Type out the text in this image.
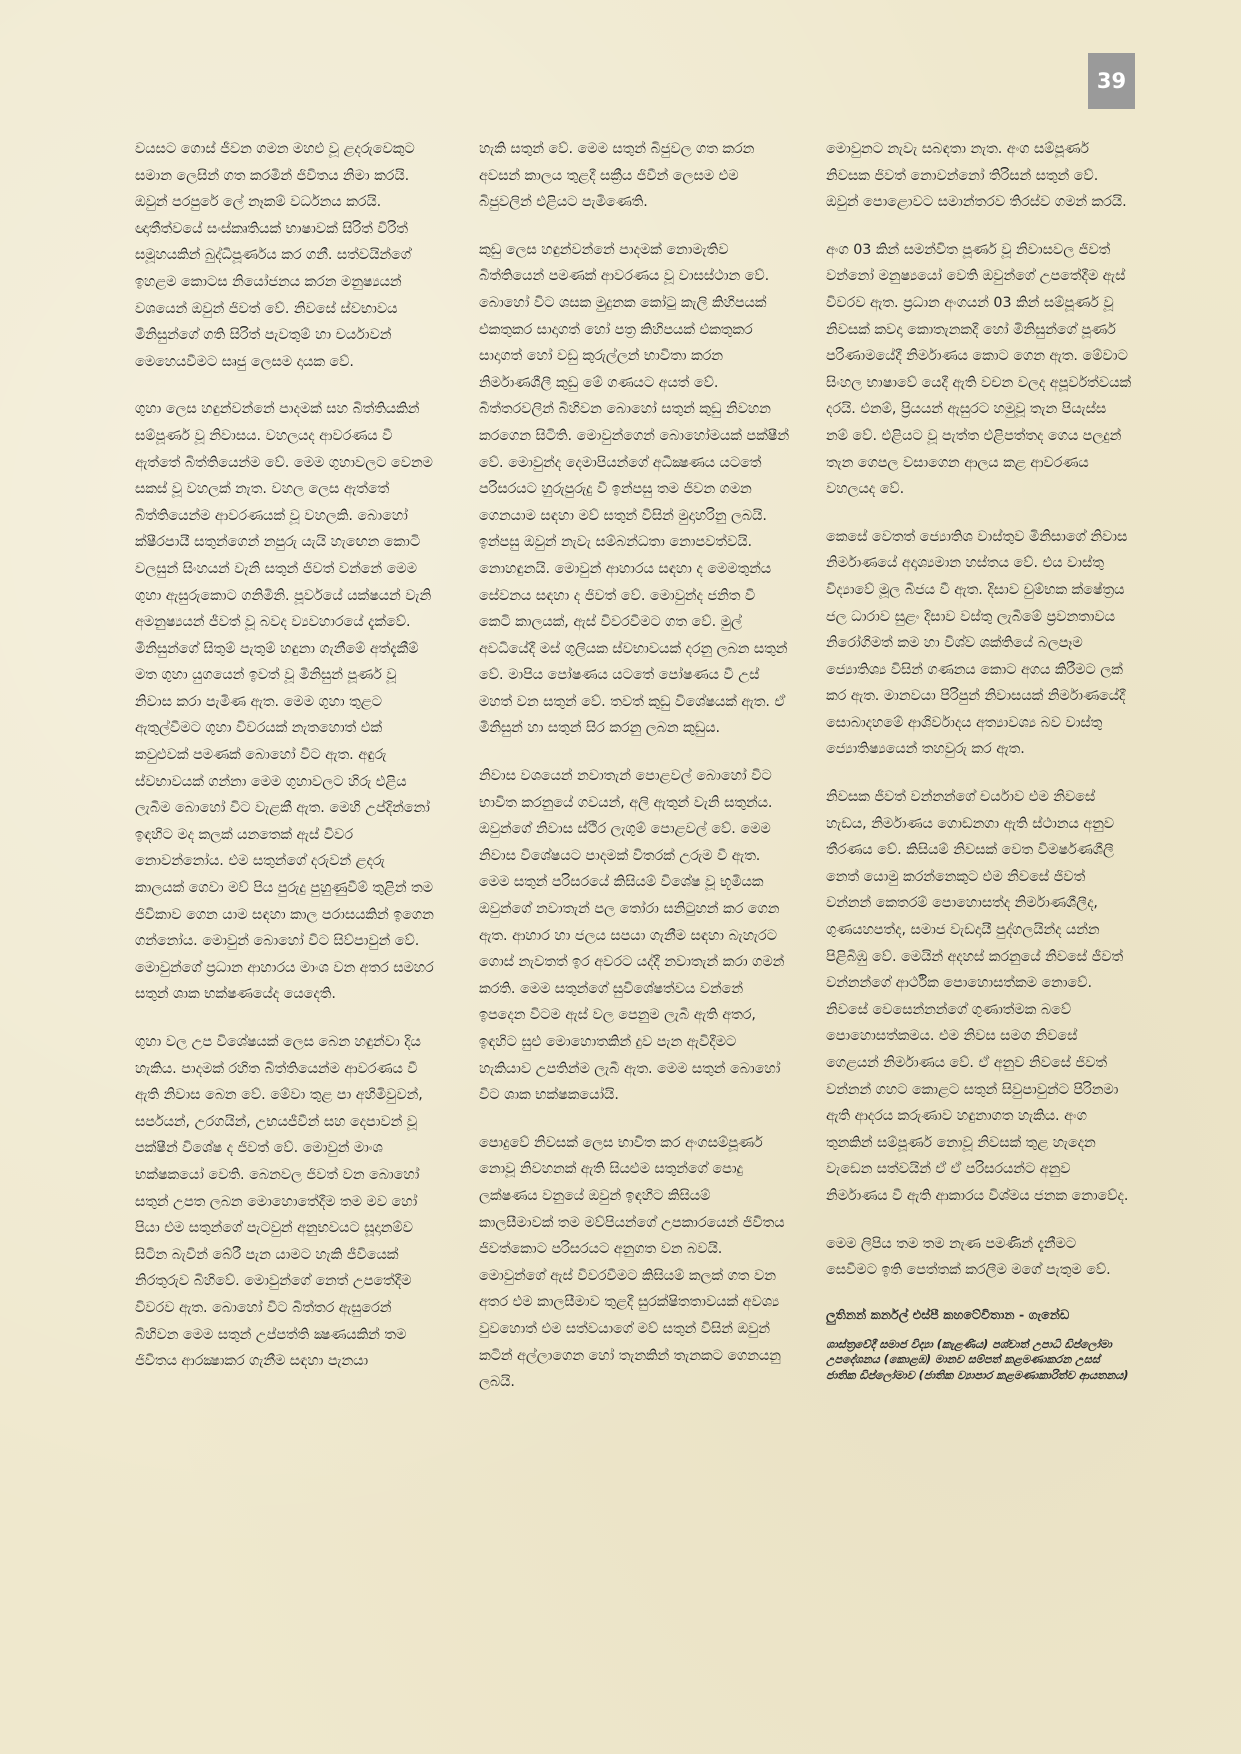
39

වයසට ගොස් ජීවන ගමන මහළු වූ ළදරුවෙකුට සමාන ලෙසින් ගත කරමින් ජිවිතය නිමා කරයි. ඔවුන් පරපුරේ ලේ නෑකම් වර්ධනය කරයි. ඥාතීත්වයේ සංස්කෘතියක් භාෂාවක් සිරිත් විරිත් සමූහයකින් බුද්ධිපූර්ණය කර ගනී. සත්වයින්ගේ ඉහළම කොටස නියෝජනය කරන මනුෂ්‍යයන් වශයෙන් ඔවුන් ජිවත් වේ. නිවසේ ස්වභාවය මිනිසුන්ගේ ගති සිරිත් පැවතුම් හා චර්යාවන් මෙහෙයවීමට සෘජු ලෙසම දායක වේ.

ගුහා ලෙස හඳුන්වන්නේ පාදමක් සහ බිත්තියකින් සම්පූර්ණ වූ නිවාසය. වහලයද ආවරණය වී ඇත්තේ බිත්තියෙන්ම වේ. මෙම ගුහාවලට වෙනම සකස් වූ වහලක් නැත. වහල ලෙස ඇත්තේ බිත්තියෙන්ම ආවරණයක් වූ වහලකි. බොහෝ ක්ෂීරපායී සතුන්ගෙන් නපුරු යැයි හැඟෙන කොටි වලසුන් සිංහයන් වැනි සතුන් ජිවත් වන්නේ මෙම ගුහා ඇසුරුකොට ගනිමිනි. පූර්වයේ යක්ෂයන් වැනි අමනුෂ්‍යයන් ජීවත් වූ බවද ව්‍යවහාරයේ දැක්වේ. මිනිසුන්ගේ සිතුම් පැතුම් හඳුනා ගැනීමේ අත්දැකීම් මත ගුහා යුගයෙන් ඉවත් වූ මිනිසුන් පූර්ණ වූ නිවාස කරා පැමිණ ඇත. මෙම ගුහා තුළට ඇතුල්වීමට ගුහා විවරයක් නැතහොත් එක් කවුළුවක් පමණක් බොහෝ විට ඇත. අඳුරු ස්වභාවයක් ගන්නා මෙම ගුහාවලට හිරු එළිය ලැබීම බොහෝ විට වැළකී ඇත. මෙහි උප්දින්නෝ ඉඳහිට මද කලක් යනතෙක් ඇස් විවර නොවන්නෝය. එම සතුන්ගේ දරුවන් ළදරු කාලයක් ගෙවා මව් පිය පුරුදු පුහුණුවීම් තුළින් තම ජිවිකාව ගෙන යාම සඳහා කාල පරාසයකින් ඉගෙන ගන්නෝය. මොවුන් බොහෝ විට සිව්පාවුන් වේ. මොවුන්ගේ ප්‍රධාන ආහාරය මාංශ වන අතර සමහර සතුන් ශාක භක්ෂණයේද යෙදෙති.

ගුහා වල උප විශේෂයක් ලෙස බෙන හඳුන්වා දිය හැකිය. පාදමක් රහිත බිත්තියෙන්ම ආවරණය වී ඇති නිවාස බෙන වේ. මේවා තුළ පා අහිමිවුවන්, සර්පයන්, උරගයින්, උභයජීවීන් සහ දෙපාවන් වූ පක්ෂීන් විශේෂ ද ජිවත් වේ. මොවුන් මාංශ භක්ෂකයෝ වෙති. බෙනවල ජිවත් වන බොහෝ සතුන් උපත ලබන මොහොතේදීම තම මව හෝ පියා එම සතුන්ගේ පැටවුන් අනුභවයට සූදානම්ව සිටින බැවින් බේරී පැන යාමට හැකි ජීවියෙක් නිරතුරුව බිහිවේ. මොවුන්ගේ නෙත් උපතේදීම විවරව ඇත. බොහෝ විට බිත්තර ඇසුරෙන් බිහිවන මෙම සතුන් උප්පත්ති ක්‍ෂණයකින් තම ජිවිතය ආරක්‍ෂාකර ගැනීම සඳහා පැනයා

හැකි සතුන් වේ. මෙම සතුන් බිජුවල ගත කරන අවසන් කාලය තුළදී සක්‍රීය ජිවීන් ලෙසම එම බිජුවලින් එළියට පැමිණෙති.

කුඩු ලෙස හඳුන්වන්නේ පාදමක් නොමැතිව බිත්තියෙන් පමණක් ආවරණය වූ වාසස්ථාන වේ. බොහෝ විට ශසක මුදුනක කෝටු කැලි කිහිපයක් එකතුකර සාදාගත් හෝ පත්‍ර කිහිපයක් එකතුකර සාදාගත් හෝ වඩු කුරුල්ලන් භාවිතා කරන නිර්මාණශීලී කුඩු මේ ගණයට අයත් වේ. බිත්තරවලින් බිහිවන බොහෝ සතුන් කුඩු නිවහන කරගෙන සිටිති. මොවුන්ගෙන් බොහෝමයක් පක්ෂීන් වේ. මොවුන්ද දෙමාපියන්ගේ අධීක්‍ෂණය යටතේ පරිසරයට හුරුපුරුදු වී ඉන්පසු තම ජිවන ගමන ගෙනයාම සඳහා මව් සතුන් විසින් මුදාහරිනු ලබයි. ඉන්පසු ඔවුන් නැවැ සම්බන්ධතා නොපවත්වයි. නොහඳුනයි. මොවුන් ආහාරය සඳහා ද මෙමතුන්ය සේවනය සඳහා ද ජිවත් වේ. මොවුන්ද ජනිත වී කෙටි කාලයක්, ඇස් විවරවීමට ගත වේ. මුල් අවධියේදී මස් ගුලියක ස්වභාවයක් දරනු ලබන සතුන් වේ. මාපිය පෝෂණය යටතේ පෝෂණය වී උස් මහත් වන සතුන් වේ. තවත් කුඩු විශේෂයක් ඇත. ඒ මිනිසුන් හා සතුන් සිර කරනු ලබන කුඩුය.

නිවාස වශයෙන් නවාතැන් පොළවල් බොහෝ විට භාවිත කරනුයේ ගවයන්, අලි ඇතුන් වැනි සතුන්ය. ඔවුන්ගේ නිවාස ස්ථිර ලැගුම් පොළවල් වේ. මෙම නිවාස විශේෂයට පාදමක් විතරක් උරුම වී ඇත. මෙම සතුන් පරිසරයේ කිසියම් විශේෂ වූ භූමියක ඔවුන්ගේ නවාතැන් පල තෝරා සනිටුහන් කර ගෙන ඇත. ආහාර හා ජලය සපයා ගැනීම සඳහා බැහැරට ගොස් නැවතත් ඉර අවරට යද්දී නවාතැන් කරා ගමන් කරති. මෙම සතුන්ගේ සුවිශේෂත්වය වන්නේ ඉපදෙන විටම ඇස් වල පෙනුම ලැබී ඇති අතර, ඉඳහිට සුළු මොහොතකින් දුව පැන ඇවිදීමට හැකියාව උපතින්ම ලැබී ඇත. මෙම සතුන් බොහෝ විට ශාක භක්ෂකයෝයි.

පොදුවේ නිවසක් ලෙස භාවිත කර අංගසම්පූර්ණ නොවූ නිවහනක් ඇති සියළුම සතුන්ගේ පොදු ලක්ෂණය වනුයේ ඔවුන් ඉඳහිට කිසියම් කාලසීමාවක් තම මව්පියන්ගේ උපකාරයෙන් ජිවිතය ජිවත්කොට පරිසරයට අනුගත වන බවයි. මොවුන්ගේ ඇස් විවරවීමට කිසියම් කලක් ගත වන අතර එම කාලසීමාව තුළදී සුරක්ෂිතතාවයක් අවශ්‍ය වුවහොත් එම සත්වයාගේ මව් සතුන් විසින් ඔවුන් කටින් අල්ලාගෙන හෝ තැනකින් තැනකට ගෙනයනු ලබයි.

මොවුනට නැවැ සබඳතා නැත. අංග සම්පූර්ණ නිවසක ජිවත් නොවන්නෝ තිරිසන් සතුන් වේ. ඔවුන් පොළොවට සමාන්තරව තිරස්ව ගමන් කරයි.

අංග 03 කින් සමන්විත පූර්ණ වූ නිවාසවල ජිවත් වන්නෝ මනුෂ්‍යයෝ වෙති ඔවුන්ගේ උපතේදීම ඇස් විවරව ඇත. ප්‍රධාන අංගයන් 03 කින් සම්පූර්ණ වූ නිවසක් කවදා කොතැනකදී හෝ මිනිසුන්ගේ පූර්ණ පරිණාමයේදී නිර්මාණය කොට ගෙන ඇත. මේවාට සිංහල භාෂාවේ යෙදී ඇති වචන වලද අපූර්වත්වයක් දරයි. එනම්, ප්‍රියයන් ඇසුරට හමුවූ තැන පියැස්ස නම් වේ. එළියට වූ පැත්ත එළිපත්තද ගෙය පලදුන් තැන ගෙපල වසාගෙන ආලය කළ ආවරණය වහලයද වේ.

කෙසේ වෙතත් ජ්‍යොතිශ වාස්තුව මිනිසාගේ නිවාස නිර්මාණයේ අදෘශ්‍යමාන හස්තය වේ. එය වාස්තු විද්‍යාවේ මූල බීජය වී ඇත. දිසාව චුම්භක ක්ෂේත්‍රය ජල ධාරාව සුළං දිසාව වස්තු ලැබීමේ ප්‍රවනතාවය නිරෝගිමත් කම හා විශ්ව ශක්තියේ බලපෑම ජ්‍යොතිශ්‍ය විසින් ගණනය කොට අගය කිරීමට ලක් කර ඇත. මානවයා පිරිපුන් නිවාසයක් නිර්මාණයේදී සොබාදහමේ ආශිර්වාදය අත්‍යාවශ්‍ය බව වාස්තු ජ්‍යොතිෂ්‍යයෙන් තහවුරු කර ඇත.

නිවසක ජීවත් වන්නන්ගේ චර්යාව එම නිවසේ හැඩය, නිර්මාණය ගොඩනගා ඇති ස්ථානය අනුව තීරණය වේ. කිසියම් නිවසක් වෙත විමර්ෂණශීලී නෙත් යොමු කරන්නෙකුට එම නිවසේ ජිවත් වන්නන් කෙතරම් පොහොසත්ද නිර්මාණශීලීද, ගුණයහපත්ද, සමාජ වැඩදායී පුද්ගලයින්ද යන්න පිළිබිඹු වේ. මෙයින් අදහස් කරනුයේ නිවසේ ජීවත් වන්නන්ගේ ආර්ථික පොහොසත්කම නොවේ. නිවසේ වෙසෙන්නන්ගේ ගුණාත්මක බවේ පොහොසත්කමය. එම නිවස සමග නිවසේ ගෙළයන් නිර්මාණය වේ. ඒ අනුව නිවසේ ජිවත් වන්නන් ගහට කොළට සතුන් සිවුපාවුන්ට පිරිනමා ඇති ආදරය කරුණාව හඳුනාගත හැකිය. අංග තුනකින් සම්පූර්ණ නොවූ නිවසක් තුළ හැදෙන වැඩෙන සත්වයින් ඒ ඒ පරිසරයන්ට අනුව නිර්මාණය වී ඇති ආකාරය විශ්මය ජනක නොවේද.

මෙම ලිපිය තම තම නැණ පමණින් දැනීමට සෙවීමට ඉති පෙත්තක් කරලීම මගේ පැතුම වේ.

ලුතිනන් කර්නල් එස්පී කහටේවිතාන - ගැනේඩ
ශාස්ත්‍රවේදී සමාජ විද්‍යා (කැළණිය) පශ්චාත් උපාධි ඩිප්ලෝමා උපදේශනය (කොළඹ) මානව සම්පත් කළමණාකරන උසස් ජාතික ඩිප්ලෝමාව (ජාතික ව්‍යාපාර කළමණාකාරිත්ව ආයතනය)
